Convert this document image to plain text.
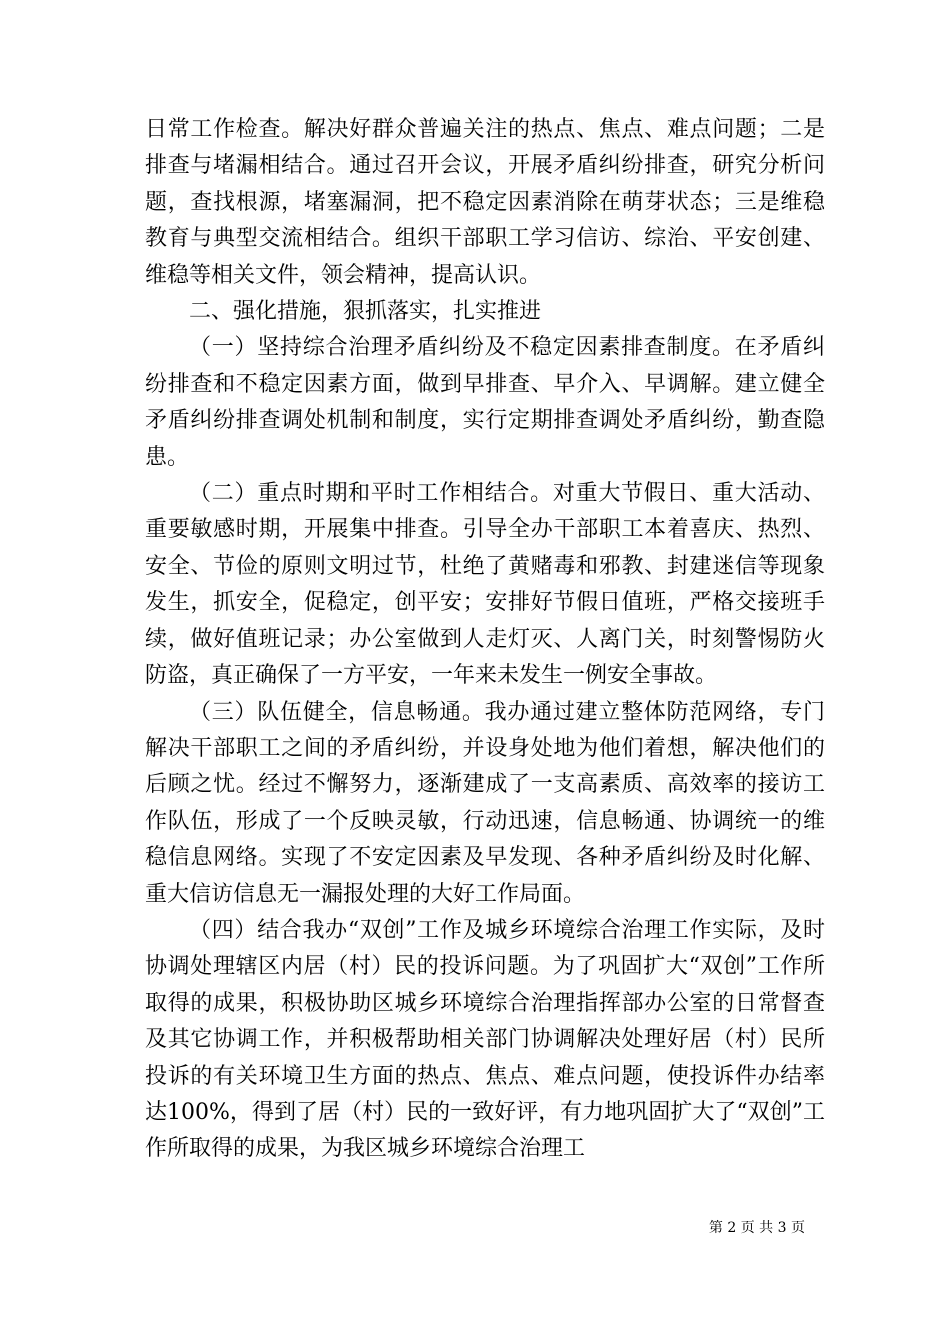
日常工作检查。解决好群众普遍关注的热点、焦点、难点问题；二是排查与堵漏相结合。通过召开会议，开展矛盾纠纷排查，研究分析问题，查找根源，堵塞漏洞，把不稳定因素消除在萌芽状态；三是维稳教育与典型交流相结合。组织干部职工学习信访、综治、平安创建、维稳等相关文件，领会精神，提高认识。

二、强化措施，狠抓落实，扎实推进

（一）坚持综合治理矛盾纠纷及不稳定因素排查制度。在矛盾纠纷排查和不稳定因素方面，做到早排查、早介入、早调解。建立健全矛盾纠纷排查调处机制和制度，实行定期排查调处矛盾纠纷，勤查隐患。

（二）重点时期和平时工作相结合。对重大节假日、重大活动、重要敏感时期，开展集中排查。引导全办干部职工本着喜庆、热烈、安全、节俭的原则文明过节，杜绝了黄赌毒和邪教、封建迷信等现象发生，抓安全，促稳定，创平安；安排好节假日值班，严格交接班手续，做好值班记录；办公室做到人走灯灭、人离门关，时刻警惕防火防盗，真正确保了一方平安，一年来未发生一例安全事故。

（三）队伍健全，信息畅通。我办通过建立整体防范网络，专门解决干部职工之间的矛盾纠纷，并设身处地为他们着想，解决他们的后顾之忧。经过不懈努力，逐渐建成了一支高素质、高效率的接访工作队伍，形成了一个反映灵敏，行动迅速，信息畅通、协调统一的维稳信息网络。实现了不安定因素及早发现、各种矛盾纠纷及时化解、重大信访信息无一漏报处理的大好工作局面。

（四）结合我办“双创”工作及城乡环境综合治理工作实际，及时协调处理辖区内居（村）民的投诉问题。为了巩固扩大“双创”工作所取得的成果，积极协助区城乡环境综合治理指挥部办公室的日常督查及其它协调工作，并积极帮助相关部门协调解决处理好居（村）民所投诉的有关环境卫生方面的热点、焦点、难点问题，使投诉件办结率达100%，得到了居（村）民的一致好评，有力地巩固扩大了“双创”工作所取得的成果，为我区城乡环境综合治理工

第 2 页 共 3 页
